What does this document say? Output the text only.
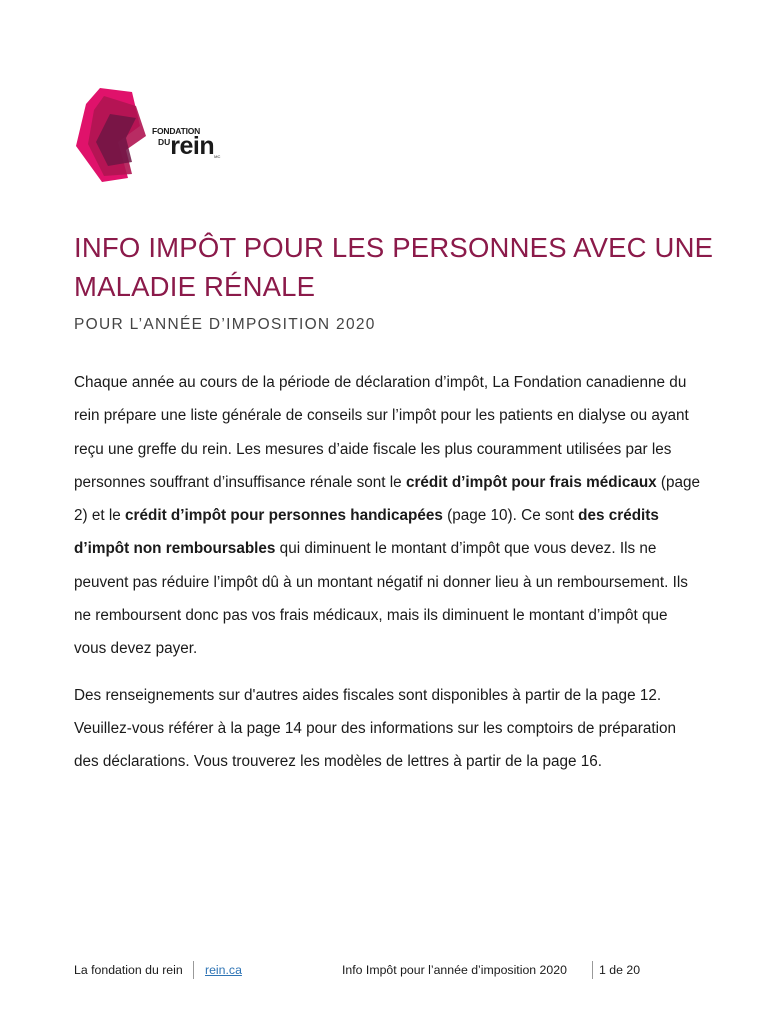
FONDATION
$^{DU}$reinMC
INFO IMPÔT POUR LES PERSONNES AVEC UNE MALADIE RÉNALE
POUR L’ANNÉE D’IMPOSITION 2020

Chaque année au cours de la période de déclaration d’impôt, La Fondation canadienne du rein prépare une liste générale de conseils sur l’impôt pour les patients en dialyse ou ayant reçu une greffe du rein. Les mesures d’aide fiscale les plus couramment utilisées par les personnes souffrant d’insuffisance rénale sont le crédit d’impôt pour frais médicaux (page 2) et le crédit d’impôt pour personnes handicapées (page 10). Ce sont des crédits d’impôt non remboursables qui diminuent le montant d’impôt que vous devez. Ils ne peuvent pas réduire l’impôt dû à un montant négatif ni donner lieu à un remboursement. Ils ne remboursent donc pas vos frais médicaux, mais ils diminuent le montant d’impôt que vous devez payer.

Des renseignements sur d'autres aides fiscales sont disponibles à partir de la page 12. Veuillez-vous référer à la page 14 pour des informations sur les comptoirs de préparation des déclarations. Vous trouverez les modèles de lettres à partir de la page 16.

La fondation du rein rein.ca	Info Impôt pour l’année d’imposition 2020	1 de 20
